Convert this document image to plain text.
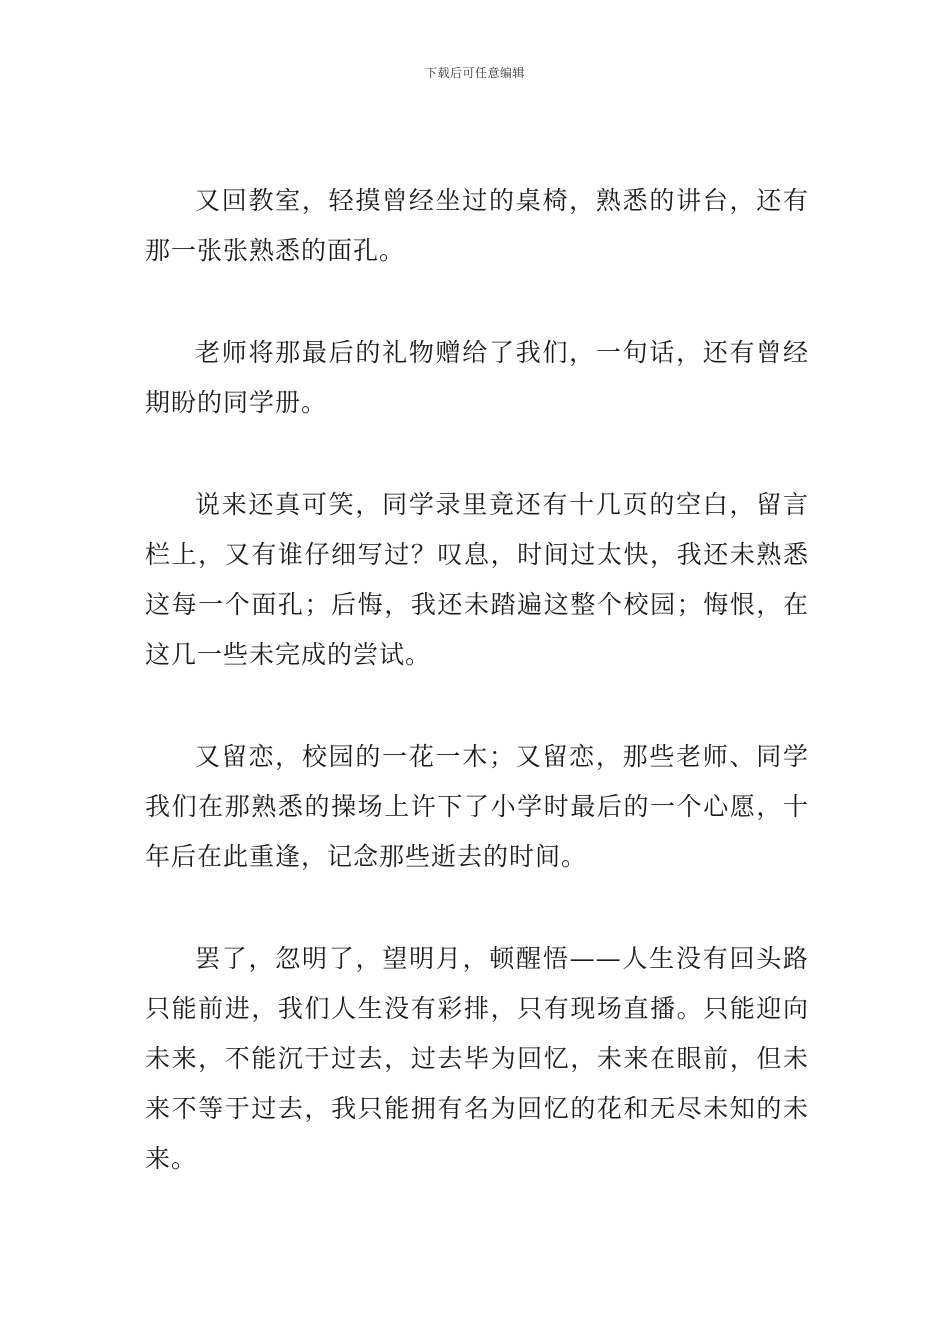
下载后可任意编辑

又回教室，轻摸曾经坐过的桌椅，熟悉的讲台，还有那一张张熟悉的面孔。

老师将那最后的礼物赠给了我们，一句话，还有曾经期盼的同学册。

说来还真可笑，同学录里竟还有十几页的空白，留言栏上，又有谁仔细写过？叹息，时间过太快，我还未熟悉这每一个面孔；后悔，我还未踏遍这整个校园；悔恨，在这几一些未完成的尝试。

又留恋，校园的一花一木；又留恋，那些老师、同学我们在那熟悉的操场上许下了小学时最后的一个心愿，十年后在此重逢，记念那些逝去的时间。

罢了，忽明了，望明月，顿醒悟——人生没有回头路只能前进，我们人生没有彩排，只有现场直播。只能迎向未来，不能沉于过去，过去毕为回忆，未来在眼前，但未来不等于过去，我只能拥有名为回忆的花和无尽未知的未来。
